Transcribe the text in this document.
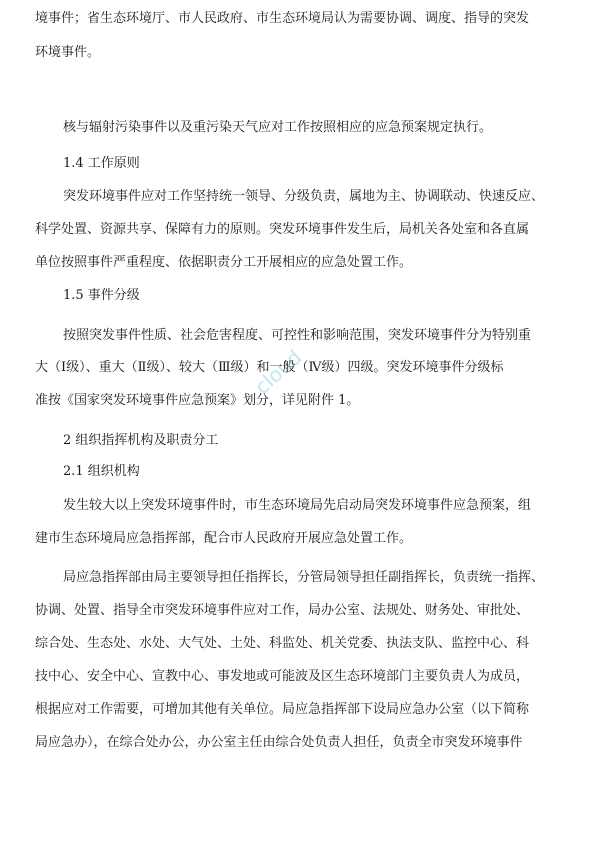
cloud
境事件；省生态环境厅、市人民政府、市生态环境局认为需要协调、调度、指导的突发
环境事件。
核与辐射污染事件以及重污染天气应对工作按照相应的应急预案规定执行。
1.4 工作原则
突发环境事件应对工作坚持统一领导、分级负责，属地为主、协调联动、快速反应、
科学处置、资源共享、保障有力的原则。突发环境事件发生后，局机关各处室和各直属
单位按照事件严重程度、依据职责分工开展相应的应急处置工作。
1.5 事件分级
按照突发事件性质、社会危害程度、可控性和影响范围，突发环境事件分为特别重
大（Ⅰ级）、重大（Ⅱ级）、较大（Ⅲ级）和一般（Ⅳ级）四级。突发环境事件分级标
准按《国家突发环境事件应急预案》划分，详见附件 1。
2 组织指挥机构及职责分工
2.1 组织机构
发生较大以上突发环境事件时，市生态环境局先启动局突发环境事件应急预案，组
建市生态环境局应急指挥部，配合市人民政府开展应急处置工作。
局应急指挥部由局主要领导担任指挥长，分管局领导担任副指挥长，负责统一指挥、
协调、处置、指导全市突发环境事件应对工作，局办公室、法规处、财务处、审批处、
综合处、生态处、水处、大气处、土处、科监处、机关党委、执法支队、监控中心、科
技中心、安全中心、宣教中心、事发地或可能波及区生态环境部门主要负责人为成员，
根据应对工作需要，可增加其他有关单位。局应急指挥部下设局应急办公室（以下简称
局应急办），在综合处办公，办公室主任由综合处负责人担任，负责全市突发环境事件
